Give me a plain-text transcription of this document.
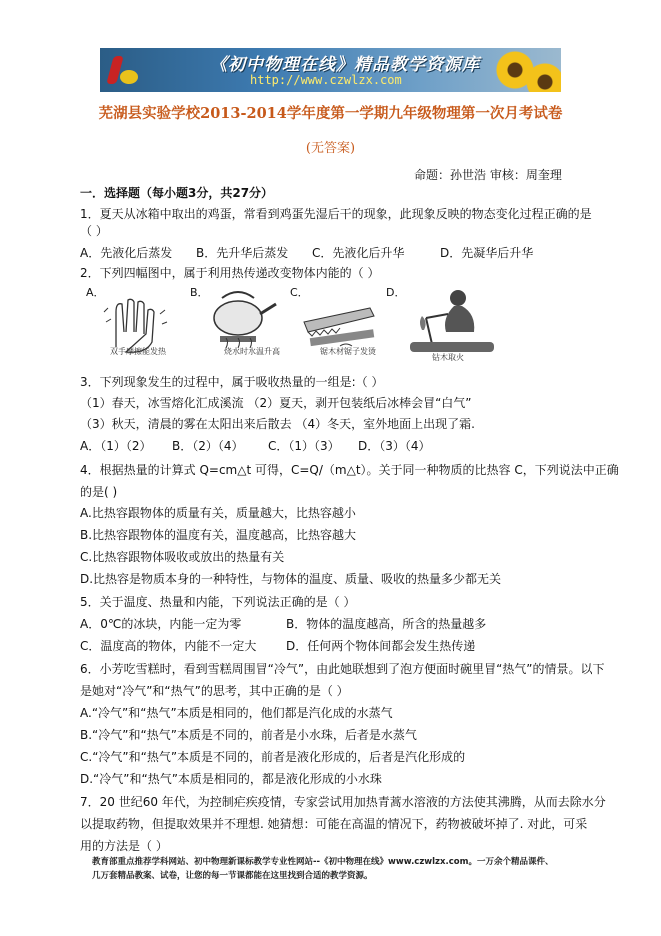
《初中物理在线》精品教学资源库
http://www.czwlzx.com
芜湖县实验学校2013-2014学年度第一学期九年级物理第一次月考试卷
(无答案)
命题：孙世浩 审核：周奎理
一．选择题（每小题3分，共27分）
1．夏天从冰箱中取出的鸡蛋，常看到鸡蛋先湿后干的现象，此现象反映的物态变化过程正确的是
（ ）
A．先液化后蒸发 B．先升华后蒸发 C．先液化后升华	D．先凝华后升华
2．下列四幅图中，属于利用热传递改变物体内能的（ ）
A．
双手摩擦能发热
B．
烧水时水温升高
C．
锯木材锯子发烫
D．
钻木取火
3．下列现象发生的过程中，属于吸收热量的一组是:（ ）
（1）春天，冰雪熔化汇成溪流 （2）夏天，剥开包装纸后冰棒会冒“白气”
（3）秋天，清晨的雾在太阳出来后散去 （4）冬天，室外地面上出现了霜.
A．（1）（2） B．（2）（4） C．（1）（3） D．（3）（4）
4．根据热量的计算式 Q=cm△t 可得，C=Q/（m△t）。关于同一种物质的比热容 C，下列说法中正确
的是( )
A.比热容跟物体的质量有关，质量越大，比热容越小
B.比热容跟物体的温度有关，温度越高，比热容越大
C.比热容跟物体吸收或放出的热量有关
D.比热容是物质本身的一种特性，与物体的温度、质量、吸收的热量多少都无关
5．关于温度、热量和内能，下列说法正确的是（ ）
A．0℃的冰块，内能一定为零	B．物体的温度越高，所含的热量越多
C．温度高的物体，内能不一定大 D．任何两个物体间都会发生热传递
6．小芳吃雪糕时，看到雪糕周围冒“冷气”，由此她联想到了泡方便面时碗里冒“热气”的情景。以下
是她对“冷气”和“热气”的思考，其中正确的是（ ）
A.“冷气”和“热气”本质是相同的，他们都是汽化成的水蒸气
B.“冷气”和“热气”本质是不同的，前者是小水珠，后者是水蒸气
C.“冷气”和“热气”本质是不同的，前者是液化形成的，后者是汽化形成的
D.“冷气”和“热气”本质是相同的，都是液化形成的小水珠
7．20 世纪60 年代，为控制疟疾疫情，专家尝试用加热青蒿水溶液的方法使其沸腾，从而去除水分
以提取药物，但提取效果并不理想. 她猜想：可能在高温的情况下，药物被破坏掉了. 对此，可采
用的方法是（ ）
教育部重点推荐学科网站、初中物理新课标教学专业性网站--《初中物理在线》www.czwlzx.com。一万余个精品课件、
几万套精品教案、试卷，让您的每一节课都能在这里找到合适的教学资源。
